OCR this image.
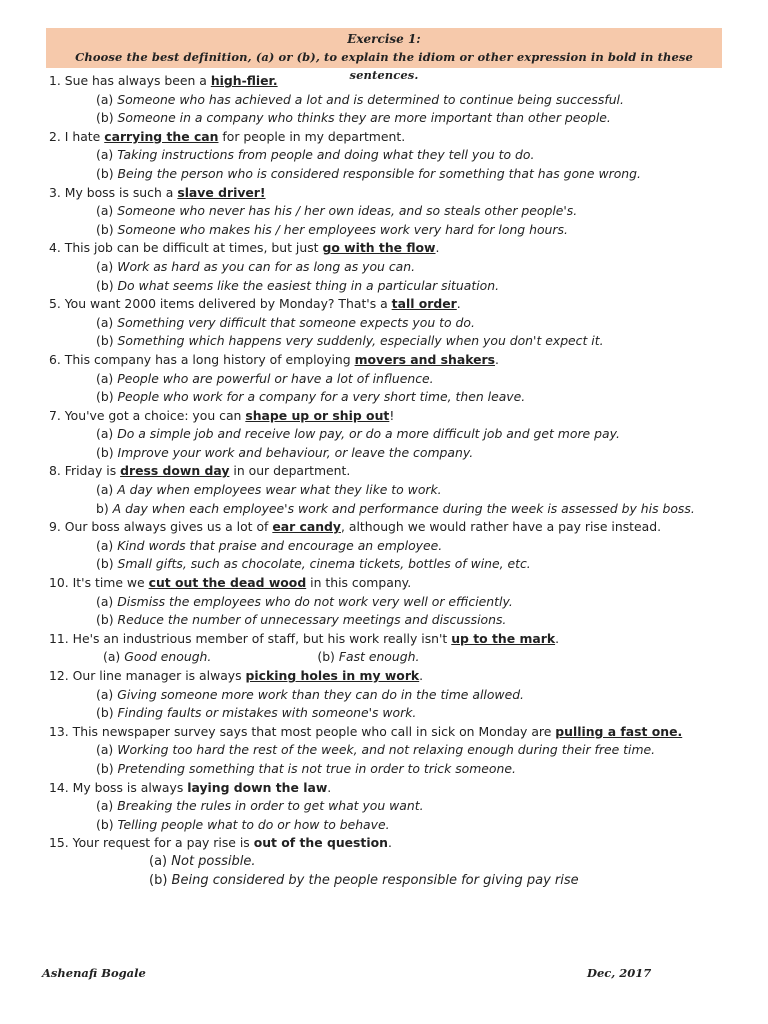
Exercise 1:
Choose the best definition, (a) or (b), to explain the idiom or other expression in bold in these sentences.
1. Sue has always been a high-flier.
(a) Someone who has achieved a lot and is determined to continue being successful.
(b) Someone in a company who thinks they are more important than other people.
2. I hate carrying the can for people in my department.
(a) Taking instructions from people and doing what they tell you to do.
(b) Being the person who is considered responsible for something that has gone wrong.
3. My boss is such a slave driver!
(a) Someone who never has his / her own ideas, and so steals other people's.
(b) Someone who makes his / her employees work very hard for long hours.
4. This job can be difficult at times, but just go with the flow.
(a) Work as hard as you can for as long as you can.
(b) Do what seems like the easiest thing in a particular situation.
5. You want 2000 items delivered by Monday? That's a tall order.
(a) Something very difficult that someone expects you to do.
(b) Something which happens very suddenly, especially when you don't expect it.
6. This company has a long history of employing movers and shakers.
(a) People who are powerful or have a lot of influence.
(b) People who work for a company for a very short time, then leave.
7. You've got a choice: you can shape up or ship out!
(a) Do a simple job and receive low pay, or do a more difficult job and get more pay.
(b) Improve your work and behaviour, or leave the company.
8. Friday is dress down day in our department.
(a) A day when employees wear what they like to work.
b) A day when each employee's work and performance during the week is assessed by his boss.
9. Our boss always gives us a lot of ear candy, although we would rather have a pay rise instead.
(a) Kind words that praise and encourage an employee.
(b) Small gifts, such as chocolate, cinema tickets, bottles of wine, etc.
10. It's time we cut out the dead wood in this company.
(a) Dismiss the employees who do not work very well or efficiently.
(b) Reduce the number of unnecessary meetings and discussions.
11. He's an industrious member of staff, but his work really isn't up to the mark.
(a) Good enough.	(b) Fast enough.
12. Our line manager is always picking holes in my work.
(a) Giving someone more work than they can do in the time allowed.
(b) Finding faults or mistakes with someone's work.
13. This newspaper survey says that most people who call in sick on Monday are pulling a fast one.
(a) Working too hard the rest of the week, and not relaxing enough during their free time.
(b) Pretending something that is not true in order to trick someone.
14. My boss is always laying down the law.
(a) Breaking the rules in order to get what you want.
(b) Telling people what to do or how to behave.
15. Your request for a pay rise is out of the question.
(a) Not possible.
(b) Being considered by the people responsible for giving pay rise
Ashenafi Bogale	Dec, 2017
